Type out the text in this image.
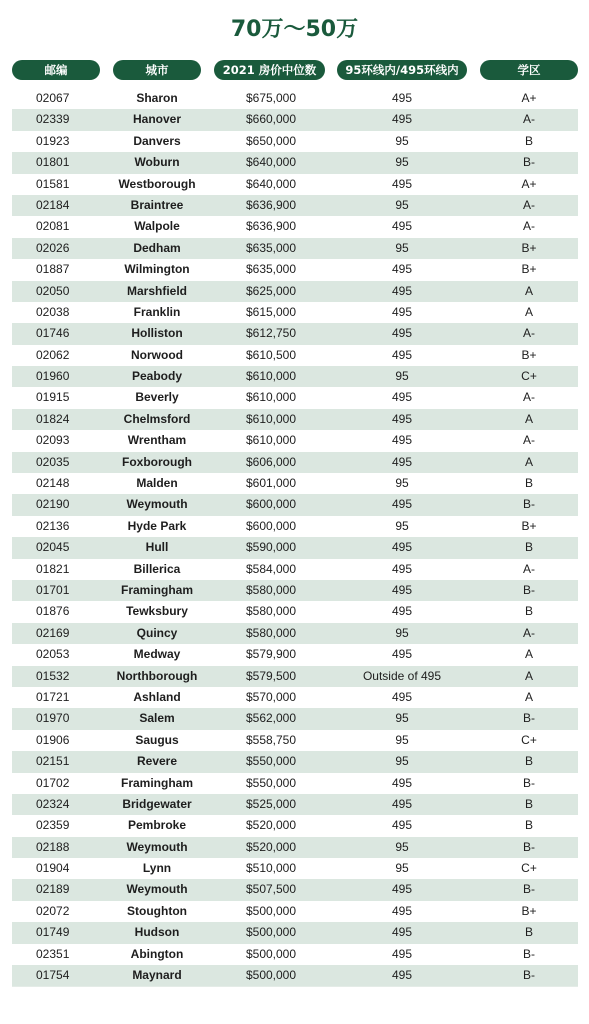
70万～50万
邮编	城市	2021 房价中位数	95环线内/495环线内	学区
02067	Sharon	$675,000	495	A+
02339	Hanover	$660,000	495	A-
01923	Danvers	$650,000	95	B
01801	Woburn	$640,000	95	B-
01581	Westborough	$640,000	495	A+
02184	Braintree	$636,900	95	A-
02081	Walpole	$636,900	495	A-
02026	Dedham	$635,000	95	B+
01887	Wilmington	$635,000	495	B+
02050	Marshfield	$625,000	495	A
02038	Franklin	$615,000	495	A
01746	Holliston	$612,750	495	A-
02062	Norwood	$610,500	495	B+
01960	Peabody	$610,000	95	C+
01915	Beverly	$610,000	495	A-
01824	Chelmsford	$610,000	495	A
02093	Wrentham	$610,000	495	A-
02035	Foxborough	$606,000	495	A
02148	Malden	$601,000	95	B
02190	Weymouth	$600,000	495	B-
02136	Hyde Park	$600,000	95	B+
02045	Hull	$590,000	495	B
01821	Billerica	$584,000	495	A-
01701	Framingham	$580,000	495	B-
01876	Tewksbury	$580,000	495	B
02169	Quincy	$580,000	95	A-
02053	Medway	$579,900	495	A
01532	Northborough	$579,500	Outside of 495	A
01721	Ashland	$570,000	495	A
01970	Salem	$562,000	95	B-
01906	Saugus	$558,750	95	C+
02151	Revere	$550,000	95	B
01702	Framingham	$550,000	495	B-
02324	Bridgewater	$525,000	495	B
02359	Pembroke	$520,000	495	B
02188	Weymouth	$520,000	95	B-
01904	Lynn	$510,000	95	C+
02189	Weymouth	$507,500	495	B-
02072	Stoughton	$500,000	495	B+
01749	Hudson	$500,000	495	B
02351	Abington	$500,000	495	B-
01754	Maynard	$500,000	495	B-
